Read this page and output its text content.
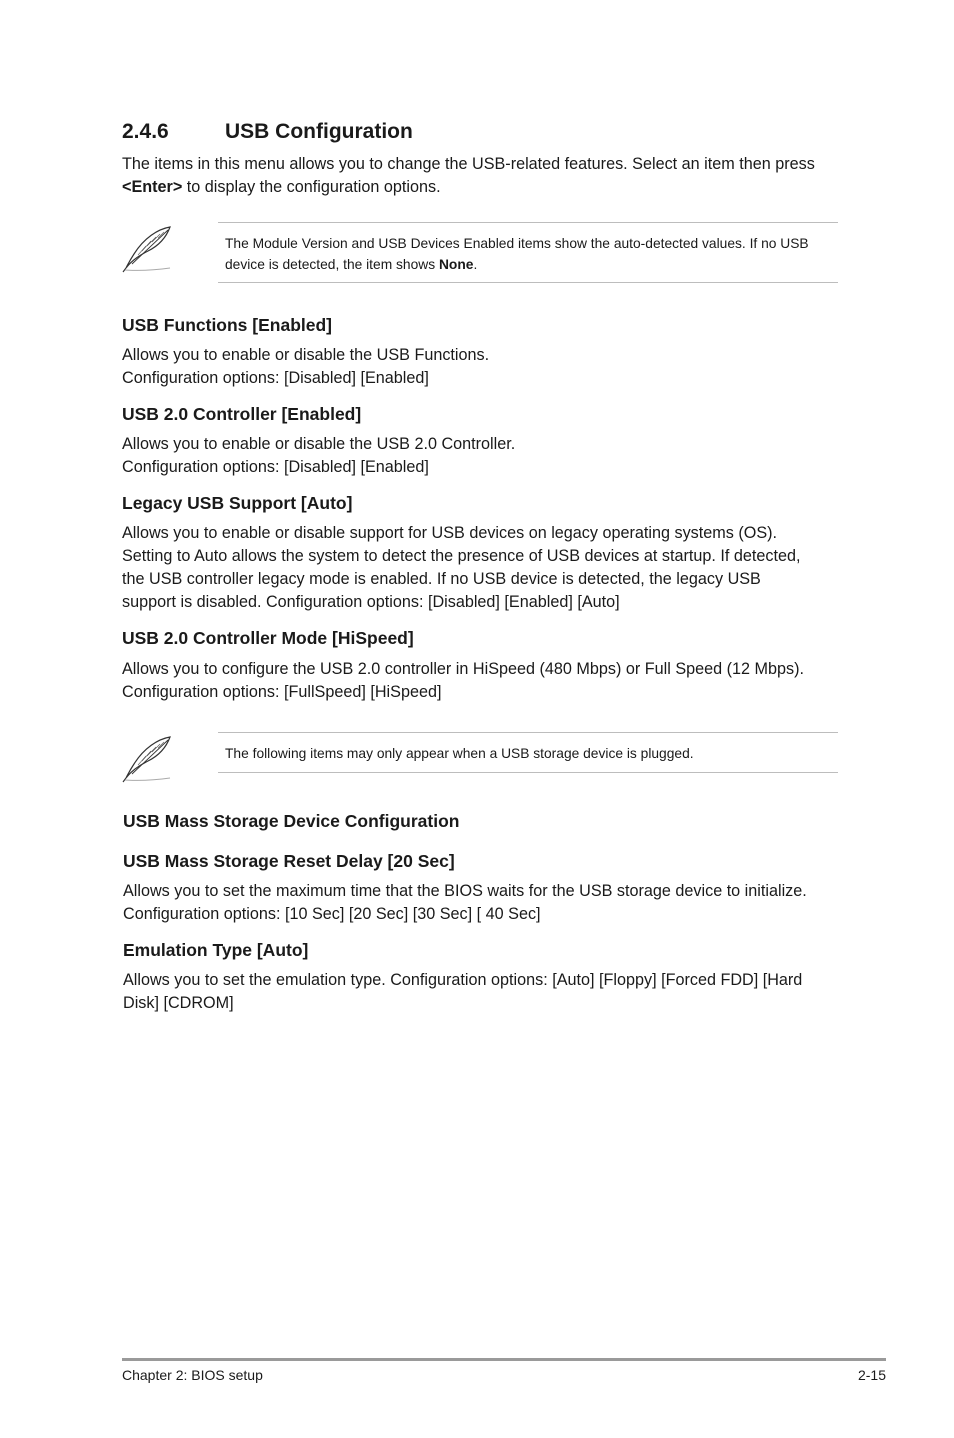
2.4.6	USB Configuration
The items in this menu allows you to change the USB-related features. Select an item then press <Enter> to display the configuration options.
The Module Version and USB Devices Enabled items show the auto-detected values. If no USB device is detected, the item shows None.
USB Functions [Enabled]
Allows you to enable or disable the USB Functions.
Configuration options: [Disabled] [Enabled]
USB 2.0 Controller [Enabled]
Allows you to enable or disable the USB 2.0 Controller.
Configuration options: [Disabled] [Enabled]
Legacy USB Support [Auto]
Allows you to enable or disable support for USB devices on legacy operating systems (OS). Setting to Auto allows the system to detect the presence of USB devices at startup. If detected, the USB controller legacy mode is enabled. If no USB device is detected, the legacy USB support is disabled. Configuration options: [Disabled] [Enabled] [Auto]
USB 2.0 Controller Mode [HiSpeed]
Allows you to configure the USB 2.0 controller in HiSpeed (480 Mbps) or Full Speed (12 Mbps). Configuration options: [FullSpeed] [HiSpeed]
The following items may only appear when a USB storage device is plugged.
USB Mass Storage Device Configuration
USB Mass Storage Reset Delay [20 Sec]
Allows you to set the maximum time that the BIOS waits for the USB storage device to initialize. Configuration options: [10 Sec] [20 Sec] [30 Sec] [ 40 Sec]
Emulation Type [Auto]
Allows you to set the emulation type. Configuration options: [Auto] [Floppy] [Forced FDD] [Hard Disk] [CDROM]
Chapter 2: BIOS setup	2-15
